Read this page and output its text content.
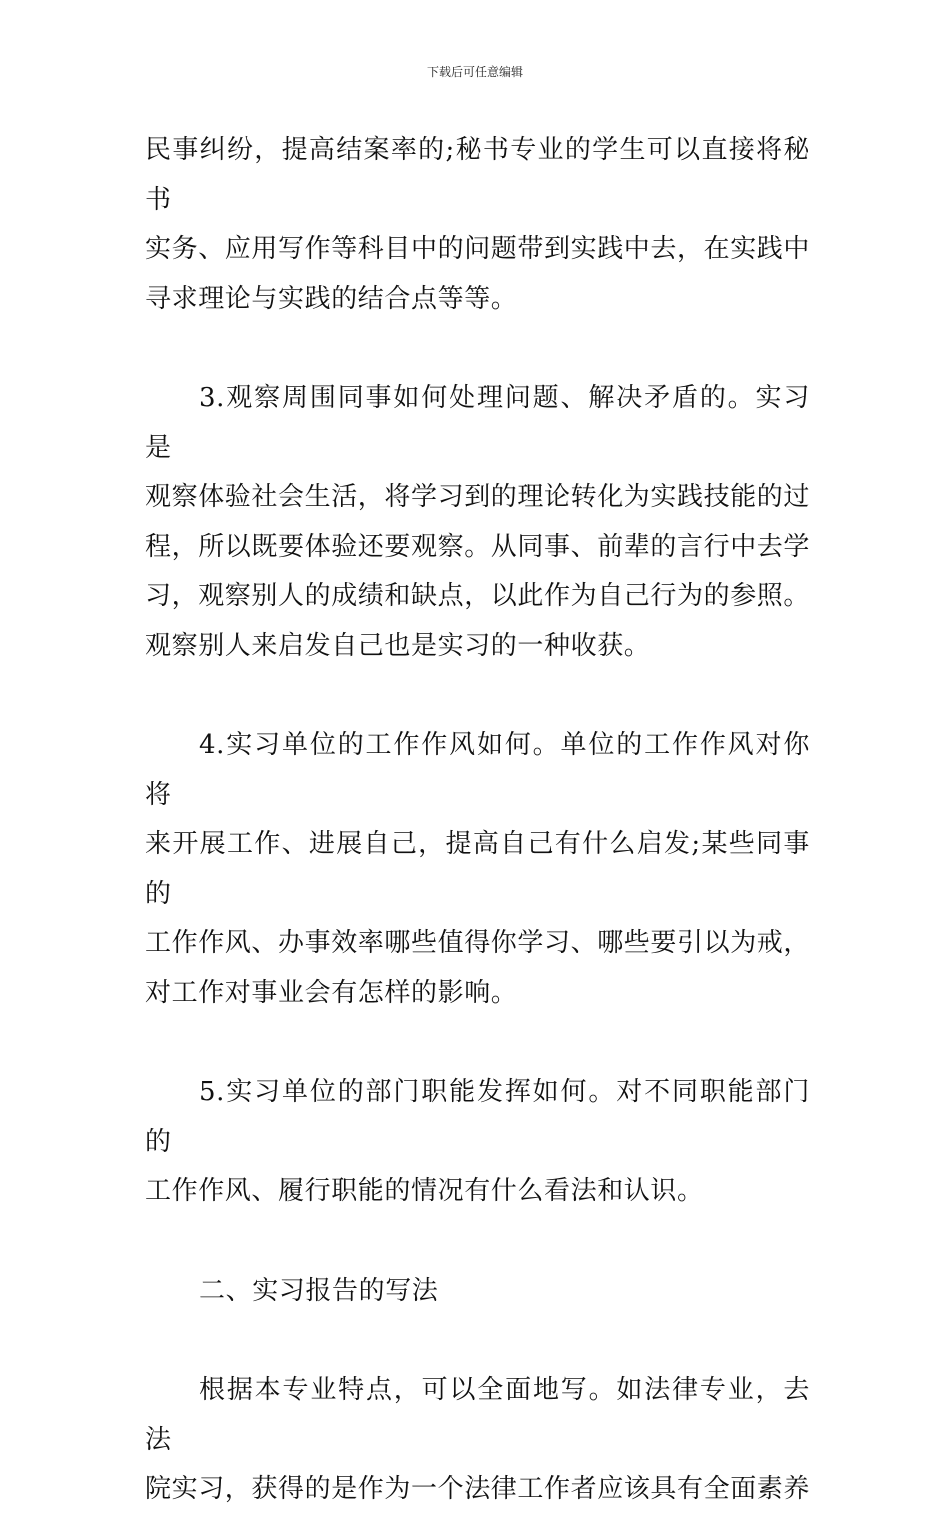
下载后可任意编辑
民事纠纷，提高结案率的;秘书专业的学生可以直接将秘书
实务、应用写作等科目中的问题带到实践中去，在实践中
寻求理论与实践的结合点等等。
3.观察周围同事如何处理问题、解决矛盾的。实习是
观察体验社会生活，将学习到的理论转化为实践技能的过
程，所以既要体验还要观察。从同事、前辈的言行中去学
习，观察别人的成绩和缺点，以此作为自己行为的参照。
观察别人来启发自己也是实习的一种收获。
4.实习单位的工作作风如何。单位的工作作风对你将
来开展工作、进展自己，提高自己有什么启发;某些同事的
工作作风、办事效率哪些值得你学习、哪些要引以为戒，
对工作对事业会有怎样的影响。
5.实习单位的部门职能发挥如何。对不同职能部门的
工作作风、履行职能的情况有什么看法和认识。
二、实习报告的写法
根据本专业特点，可以全面地写。如法律专业，去法
院实习，获得的是作为一个法律工作者应该具有全面素养
